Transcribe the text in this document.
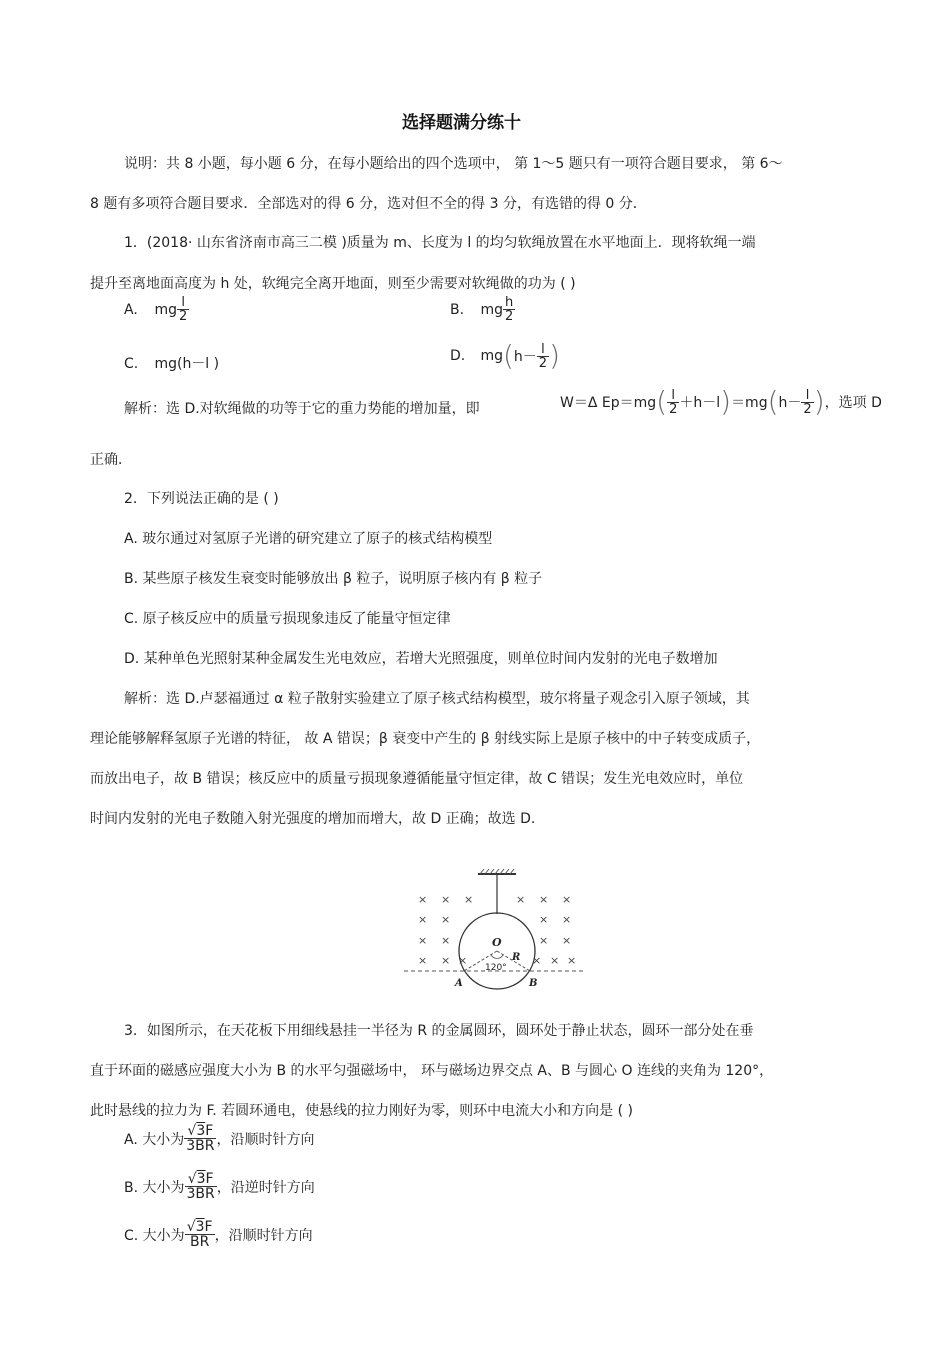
选择题满分练十
说明：共 8 小题，每小题 6 分，在每小题给出的四个选项中， 第 1～5 题只有一项符合题目要求， 第 6～
8 题有多项符合题目要求．全部选对的得 6 分，选对但不全的得 3 分，有选错的得 0 分．
1．(2018· 山东省济南市高三二模 )质量为 m、长度为 l 的均匀软绳放置在水平地面上．现将软绳一端
提升至离地面高度为 h 处，软绳完全离开地面，则至少需要对软绳做的功为 ( )
A. mg $\frac{l}{2}$	B. mg $\frac{h}{2}$
C. mg(h－l )	D. $mg(h- \frac{l}{2}$ )
解析：选 D.对软绳做的功等于它的重力势能的增加量，即	W＝Δ $Ep=mg( \frac{l}{2} +h-l)=mg(h- \frac{l}{2}$ )，选项 D
正确．
2．下列说法正确的是 ( )
A. 玻尔通过对氢原子光谱的研究建立了原子的核式结构模型
B. 某些原子核发生衰变时能够放出 β 粒子，说明原子核内有 β 粒子
C. 原子核反应中的质量亏损现象违反了能量守恒定律
D. 某种单色光照射某种金属发生光电效应，若增大光照强度，则单位时间内发射的光电子数增加
解析：选 D.卢瑟福通过 α 粒子散射实验建立了原子核式结构模型，玻尔将量子观念引入原子领域，其
理论能够解释氢原子光谱的特征， 故 A 错误；β 衰变中产生的 β 射线实际上是原子核中的中子转变成质子，
而放出电子，故 B 错误；核反应中的质量亏损现象遵循能量守恒定律，故 C 错误；发生光电效应时，单位
时间内发射的光电子数随入射光强度的增加而增大，故 D 正确；故选 D.
× × ×	× × ×
× ×	× ×
× ×	× ×
× × ×	× × ×
O
R
A	B
120°
3．如图所示，在天花板下用细线悬挂一半径为 R 的金属圆环，圆环处于静止状态，圆环一部分处在垂
直于环面的磁感应强度大小为 B 的水平匀强磁场中， 环与磁场边界交点 A、B 与圆心 O 连线的夹角为 120°，
此时悬线的拉力为 F. 若圆环通电，使悬线的拉力刚好为零，则环中电流大小和方向是 ( )
A. 大小为 $\frac{√3F}{3BR}$ ，沿顺时针方向
B. 大小为 $\frac{√3F}{3BR}$ ，沿逆时针方向
C. 大小为 $\frac{√3F}{BR}$ ，沿顺时针方向
